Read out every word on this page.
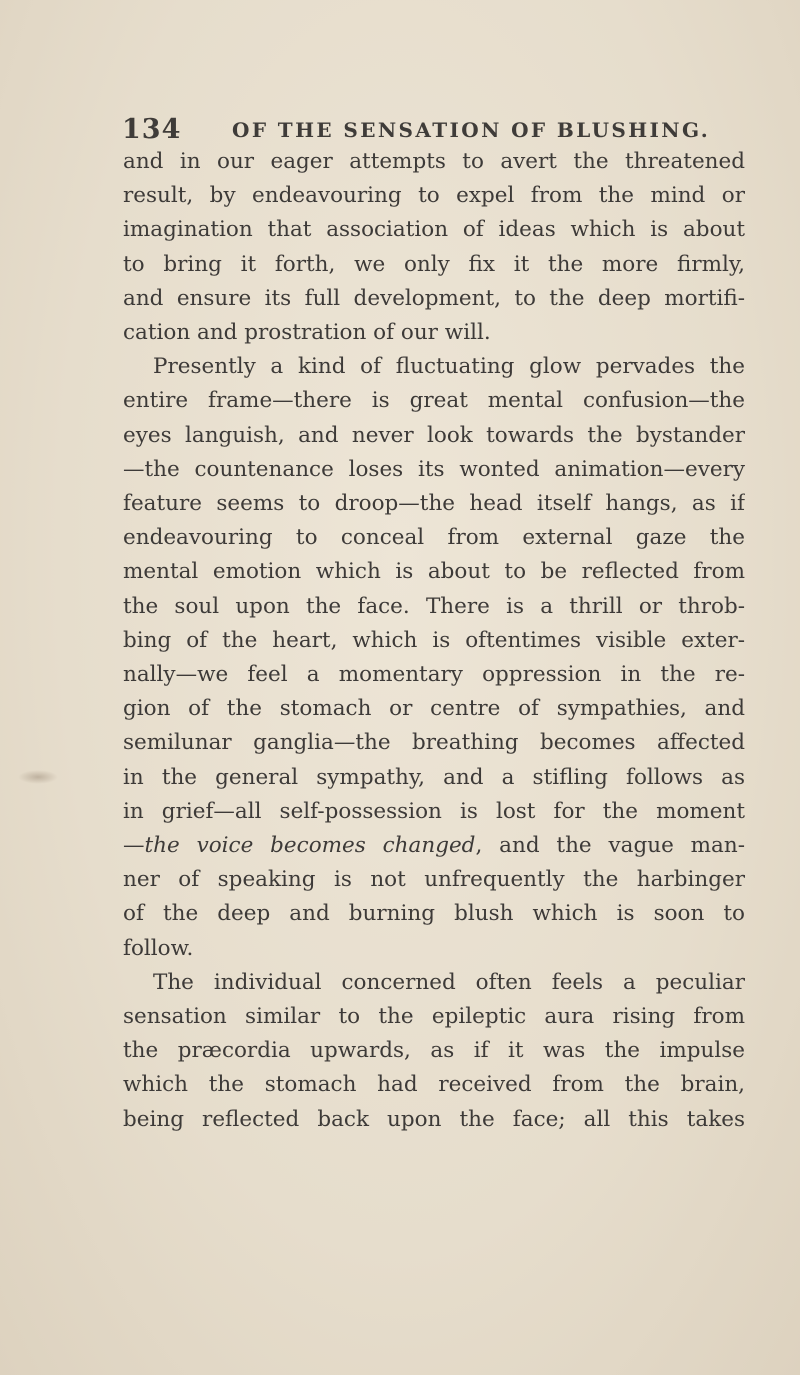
134	OF THE SENSATION OF BLUSHING.
and in our eager attempts to avert the threatened
result, by endeavouring to expel from the mind or
imagination that association of ideas which is about
to bring it forth, we only fix it the more firmly,
and ensure its full development, to the deep mortifi-
cation and prostration of our will.
Presently a kind of fluctuating glow pervades the
entire frame—there is great mental confusion—the
eyes languish, and never look towards the bystander
—the countenance loses its wonted animation—every
feature seems to droop—the head itself hangs, as if
endeavouring to conceal from external gaze the
mental emotion which is about to be reflected from
the soul upon the face. There is a thrill or throb-
bing of the heart, which is oftentimes visible exter-
nally—we feel a momentary oppression in the re-
gion of the stomach or centre of sympathies, and
semilunar ganglia—the breathing becomes affected
in the general sympathy, and a stifling follows as
in grief—all self-possession is lost for the moment
—the voice becomes changed, and the vague man-
ner of speaking is not unfrequently the harbinger
of the deep and burning blush which is soon to
follow.
The individual concerned often feels a peculiar
sensation similar to the epileptic aura rising from
the præcordia upwards, as if it was the impulse
which the stomach had received from the brain,
being reflected back upon the face; all this takes
